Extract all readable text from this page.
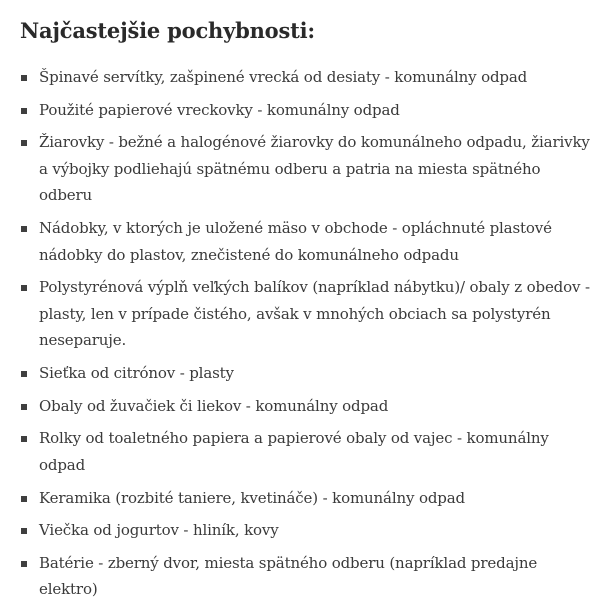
Najčastejšie pochybnosti:
Špinavé servítky, zašpinené vrecká od desiaty - komunálny odpad
Použité papierové vreckovky - komunálny odpad
Žiarovky - bežné a halogénové žiarovky do komunálneho odpadu, žiarivky a výbojky podliehajú spätnému odberu a patria na miesta spätného odberu
Nádobky, v ktorých je uložené mäso v obchode - opláchnuté plastové nádobky do plastov, znečistené do komunálneho odpadu
Polystyrénová výplň veľkých balíkov (napríklad nábytku)/ obaly z obedov - plasty, len v prípade čistého, avšak v mnohých obciach sa polystyrén neseparuje.
Sieťka od citrónov - plasty
Obaly od žuvačiek či liekov - komunálny odpad
Rolky od toaletného papiera a papierové obaly od vajec - komunálny odpad
Keramika (rozbité taniere, kvetináče) - komunálny odpad
Viečka od jogurtov - hliník, kovy
Batérie - zberný dvor, miesta spätného odberu (napríklad predajne elektro)
